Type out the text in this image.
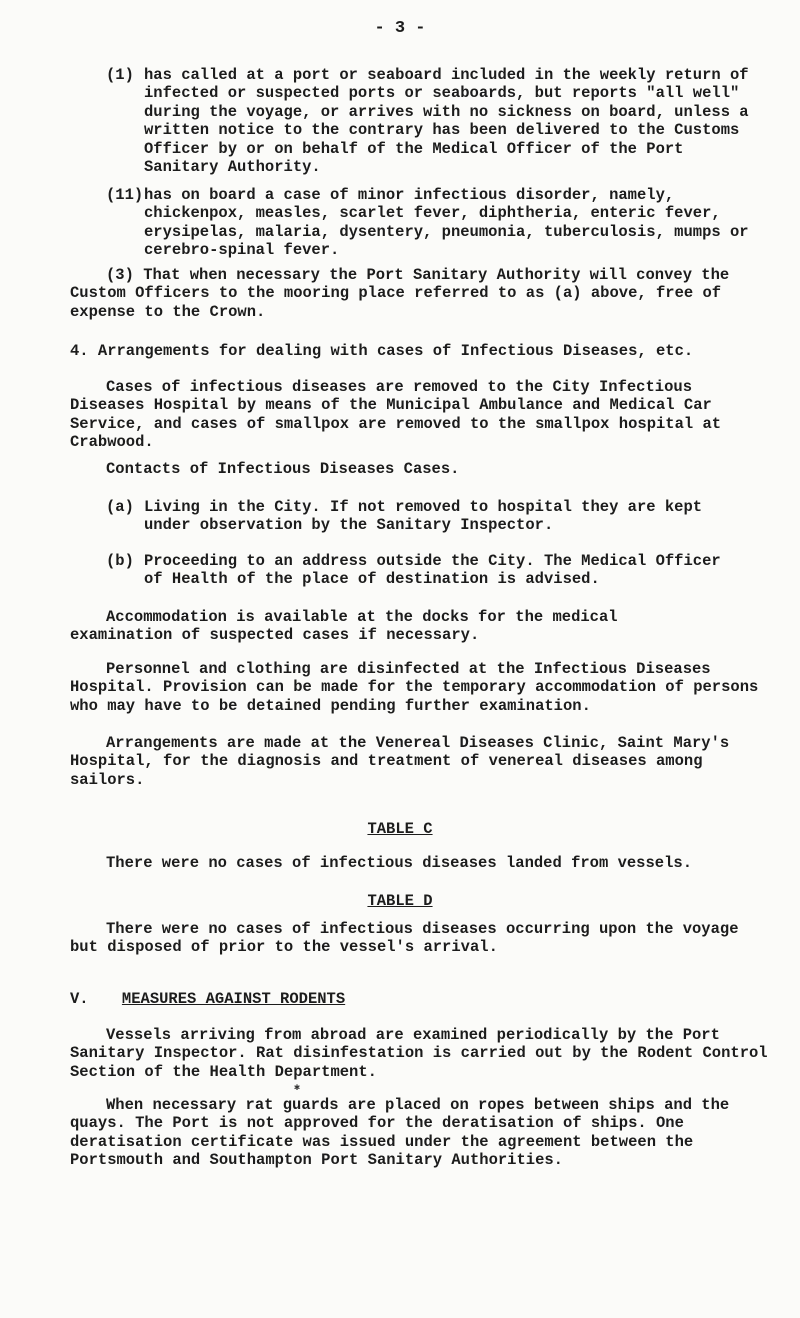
- 3 -
(1) has called at a port or seaboard included in the weekly return of infected or suspected ports or seaboards, but reports "all well" during the voyage, or arrives with no sickness on board, unless a written notice to the contrary has been delivered to the Customs Officer by or on behalf of the Medical Officer of the Port Sanitary Authority.

(11) has on board a case of minor infectious disorder, namely, chickenpox, measles, scarlet fever, diphtheria, enteric fever, erysipelas, malaria, dysentery, pneumonia, tuberculosis, mumps or cerebro-spinal fever.

(3) That when necessary the Port Sanitary Authority will convey the Custom Officers to the mooring place referred to as (a) above, free of expense to the Crown.

4. Arrangements for dealing with cases of Infectious Diseases, etc.

Cases of infectious diseases are removed to the City Infectious Diseases Hospital by means of the Municipal Ambulance and Medical Car Service, and cases of smallpox are removed to the smallpox hospital at Crabwood.

Contacts of Infectious Diseases Cases.

(a) Living in the City. If not removed to hospital they are kept under observation by the Sanitary Inspector.

(b) Proceeding to an address outside the City. The Medical Officer of Health of the place of destination is advised.

Accommodation is available at the docks for the medical examination of suspected cases if necessary.

Personnel and clothing are disinfected at the Infectious Diseases Hospital. Provision can be made for the temporary accommodation of persons who may have to be detained pending further examination.

Arrangements are made at the Venereal Diseases Clinic, Saint Mary's Hospital, for the diagnosis and treatment of venereal diseases among sailors.

TABLE C

There were no cases of infectious diseases landed from vessels.

TABLE D

There were no cases of infectious diseases occurring upon the voyage but disposed of prior to the vessel's arrival.

V. MEASURES AGAINST RODENTS

Vessels arriving from abroad are examined periodically by the Port Sanitary Inspector. Rat disinfestation is carried out by the Rodent Control Section of the Health Department.

✱

When necessary rat guards are placed on ropes between ships and the quays. The Port is not approved for the deratisation of ships. One deratisation certificate was issued under the agreement between the Portsmouth and Southampton Port Sanitary Authorities.
